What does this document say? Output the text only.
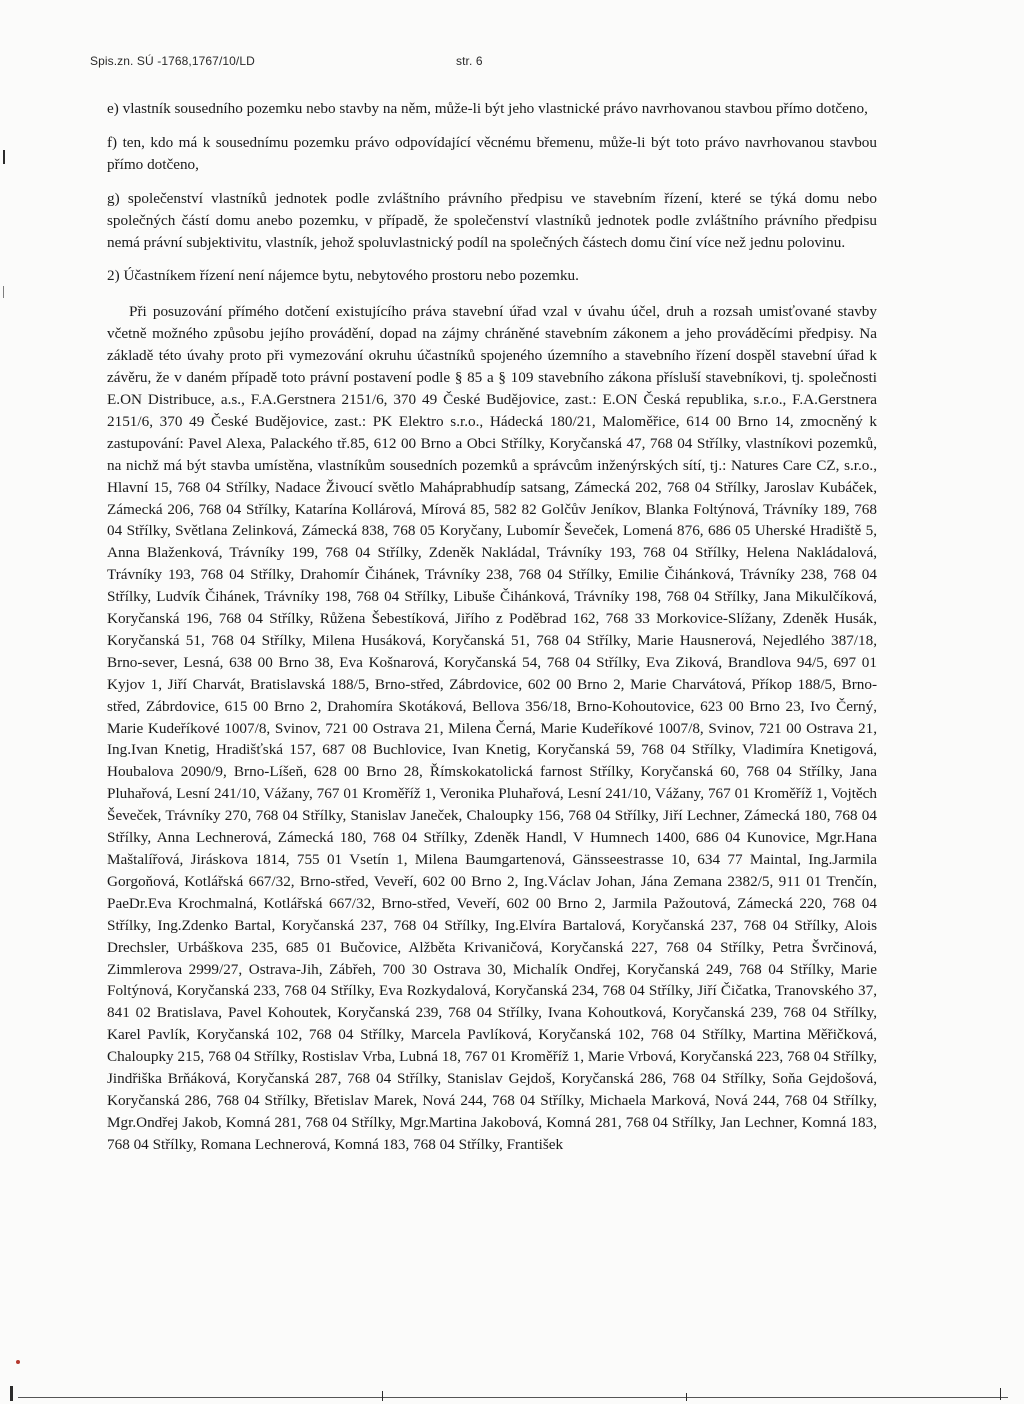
Spis.zn. SÚ -1768,1767/10/LD	str. 6

e) vlastník sousedního pozemku nebo stavby na něm, může-li být jeho vlastnické právo navrhovanou stavbou přímo dotčeno,

f) ten, kdo má k sousednímu pozemku právo odpovídající věcnému břemenu, může-li být toto právo navrhovanou stavbou přímo dotčeno,

g) společenství vlastníků jednotek podle zvláštního právního předpisu ve stavebním řízení, které se týká domu nebo společných částí domu anebo pozemku, v případě, že společenství vlastníků jednotek podle zvláštního právního předpisu nemá právní subjektivitu, vlastník, jehož spoluvlastnický podíl na společných částech domu činí více než jednu polovinu.

2) Účastníkem řízení není nájemce bytu, nebytového prostoru nebo pozemku.

Při posuzování přímého dotčení existujícího práva stavební úřad vzal v úvahu účel, druh a rozsah umisťované stavby včetně možného způsobu jejího provádění, dopad na zájmy chráněné stavebním zákonem a jeho prováděcími předpisy. Na základě této úvahy proto při vymezování okruhu účastníků spojeného územního a stavebního řízení dospěl stavební úřad k závěru, že v daném případě toto právní postavení podle § 85 a § 109 stavebního zákona přísluší stavebníkovi, tj. společnosti E.ON Distribuce, a.s., F.A.Gerstnera 2151/6, 370 49 České Budějovice, zast.: E.ON Česká republika, s.r.o., F.A.Gerstnera 2151/6, 370 49 České Budějovice, zast.: PK Elektro s.r.o., Hádecká 180/21, Maloměřice, 614 00 Brno 14, zmocněný k zastupování: Pavel Alexa, Palackého tř.85, 612 00 Brno a Obci Střílky, Koryčanská 47, 768 04 Střílky, vlastníkovi pozemků, na nichž má být stavba umístěna, vlastníkům sousedních pozemků a správcům inženýrských sítí, tj.: Natures Care CZ, s.r.o., Hlavní 15, 768 04 Střílky, Nadace Živoucí světlo Maháprabhudíp satsang, Zámecká 202, 768 04 Střílky, Jaroslav Kubáček, Zámecká 206, 768 04 Střílky, Katarína Kollárová, Mírová 85, 582 82 Golčův Jeníkov, Blanka Foltýnová, Trávníky 189, 768 04 Střílky, Světlana Zelinková, Zámecká 838, 768 05 Koryčany, Lubomír Ševeček, Lomená 876, 686 05 Uherské Hradiště 5, Anna Blaženková, Trávníky 199, 768 04 Střílky, Zdeněk Nakládal, Trávníky 193, 768 04 Střílky, Helena Nakládalová, Trávníky 193, 768 04 Střílky, Drahomír Čihánek, Trávníky 238, 768 04 Střílky, Emilie Čihánková, Trávníky 238, 768 04 Střílky, Ludvík Čihánek, Trávníky 198, 768 04 Střílky, Libuše Čihánková, Trávníky 198, 768 04 Střílky, Jana Mikulčíková, Koryčanská 196, 768 04 Střílky, Růžena Šebestíková, Jiřího z Poděbrad 162, 768 33 Morkovice-Slížany, Zdeněk Husák, Koryčanská 51, 768 04 Střílky, Milena Husáková, Koryčanská 51, 768 04 Střílky, Marie Hausnerová, Nejedlého 387/18, Brno-sever, Lesná, 638 00 Brno 38, Eva Košnarová, Koryčanská 54, 768 04 Střílky, Eva Ziková, Brandlova 94/5, 697 01 Kyjov 1, Jiří Charvát, Bratislavská 188/5, Brno-střed, Zábrdovice, 602 00 Brno 2, Marie Charvátová, Příkop 188/5, Brno-střed, Zábrdovice, 615 00 Brno 2, Drahomíra Skotáková, Bellova 356/18, Brno-Kohoutovice, 623 00 Brno 23, Ivo Černý, Marie Kudeříkové 1007/8, Svinov, 721 00 Ostrava 21, Milena Černá, Marie Kudeříkové 1007/8, Svinov, 721 00 Ostrava 21, Ing.Ivan Knetig, Hradišťská 157, 687 08 Buchlovice, Ivan Knetig, Koryčanská 59, 768 04 Střílky, Vladimíra Knetigová, Houbalova 2090/9, Brno-Líšeň, 628 00 Brno 28, Římskokatolická farnost Střílky, Koryčanská 60, 768 04 Střílky, Jana Pluhařová, Lesní 241/10, Vážany, 767 01 Kroměříž 1, Veronika Pluhařová, Lesní 241/10, Vážany, 767 01 Kroměříž 1, Vojtěch Ševeček, Trávníky 270, 768 04 Střílky, Stanislav Janeček, Chaloupky 156, 768 04 Střílky, Jiří Lechner, Zámecká 180, 768 04 Střílky, Anna Lechnerová, Zámecká 180, 768 04 Střílky, Zdeněk Handl, V Humnech 1400, 686 04 Kunovice, Mgr.Hana Maštalířová, Jiráskova 1814, 755 01 Vsetín 1, Milena Baumgartenová, Gänsseestrasse 10, 634 77 Maintal, Ing.Jarmila Gorgoňová, Kotlářská 667/32, Brno-střed, Veveří, 602 00 Brno 2, Ing.Václav Johan, Jána Zemana 2382/5, 911 01 Trenčín, PaeDr.Eva Krochmalná, Kotlářská 667/32, Brno-střed, Veveří, 602 00 Brno 2, Jarmila Pažoutová, Zámecká 220, 768 04 Střílky, Ing.Zdenko Bartal, Koryčanská 237, 768 04 Střílky, Ing.Elvíra Bartalová, Koryčanská 237, 768 04 Střílky, Alois Drechsler, Urbáškova 235, 685 01 Bučovice, Alžběta Krivaničová, Koryčanská 227, 768 04 Střílky, Petra Švrčinová, Zimmlerova 2999/27, Ostrava-Jih, Zábřeh, 700 30 Ostrava 30, Michalík Ondřej, Koryčanská 249, 768 04 Střílky, Marie Foltýnová, Koryčanská 233, 768 04 Střílky, Eva Rozkydalová, Koryčanská 234, 768 04 Střílky, Jiří Čičatka, Tranovského 37, 841 02 Bratislava, Pavel Kohoutek, Koryčanská 239, 768 04 Střílky, Ivana Kohoutková, Koryčanská 239, 768 04 Střílky, Karel Pavlík, Koryčanská 102, 768 04 Střílky, Marcela Pavlíková, Koryčanská 102, 768 04 Střílky, Martina Měřičková, Chaloupky 215, 768 04 Střílky, Rostislav Vrba, Lubná 18, 767 01 Kroměříž 1, Marie Vrbová, Koryčanská 223, 768 04 Střílky, Jindřiška Brňáková, Koryčanská 287, 768 04 Střílky, Stanislav Gejdoš, Koryčanská 286, 768 04 Střílky, Soňa Gejdošová, Koryčanská 286, 768 04 Střílky, Břetislav Marek, Nová 244, 768 04 Střílky, Michaela Marková, Nová 244, 768 04 Střílky, Mgr.Ondřej Jakob, Komná 281, 768 04 Střílky, Mgr.Martina Jakobová, Komná 281, 768 04 Střílky, Jan Lechner, Komná 183, 768 04 Střílky, Romana Lechnerová, Komná 183, 768 04 Střílky, František
